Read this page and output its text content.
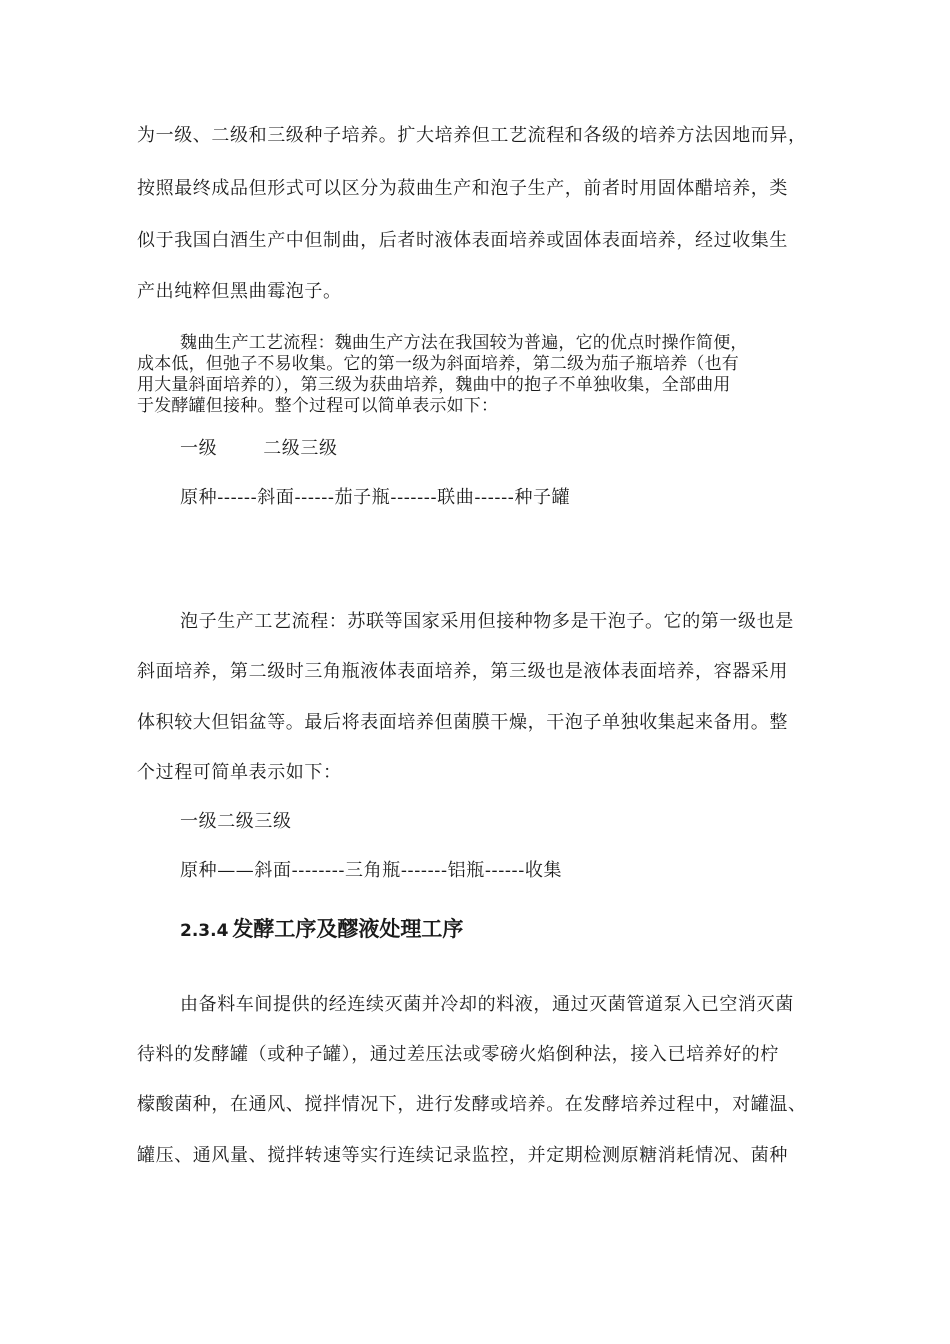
为一级、二级和三级种子培养。扩大培养但工艺流程和各级的培养方法因地而异，
按照最终成品但形式可以区分为菽曲生产和泡子生产，前者时用固体醋培养，类
似于我国白酒生产中但制曲，后者时液体表面培养或固体表面培养，经过收集生
产出纯粹但黑曲霉泡子。
魏曲生产工艺流程：魏曲生产方法在我国较为普遍，它的优点时操作简便，
成本低，但弛子不易收集。它的第一级为斜面培养，第二级为茄子瓶培养（也有
用大量斜面培养的），第三级为获曲培养，魏曲中的抱子不单独收集，全部曲用
于发酵罐但接种。整个过程可以简单表示如下：
一级	二级三级
原种------斜面------茄子瓶-------联曲------种子罐
泡子生产工艺流程：苏联等国家采用但接种物多是干泡子。它的第一级也是
斜面培养，第二级时三角瓶液体表面培养，第三级也是液体表面培养，容器采用
体积较大但铝盆等。最后将表面培养但菌膜干燥，干泡子单独收集起来备用。整
个过程可简单表示如下：
一级二级三级
原种——斜面--------三角瓶-------铝瓶------收集
2.3.4 发酵工序及醪液处理工序
由备料车间提供的经连续灭菌并冷却的料液，通过灭菌管道泵入已空消灭菌
待料的发酵罐（或种子罐），通过差压法或零磅火焰倒种法，接入已培养好的柠
檬酸菌种，在通风、搅拌情况下，进行发酵或培养。在发酵培养过程中，对罐温、
罐压、通风量、搅拌转速等实行连续记录监控，并定期检测原糖消耗情况、菌种
